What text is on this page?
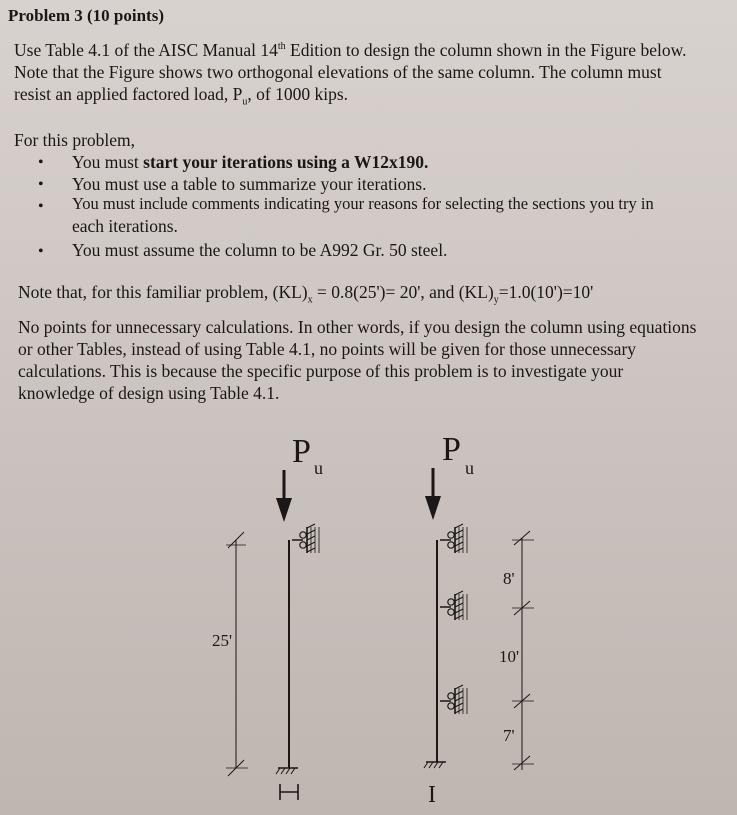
Problem 3 (10 points)
Use Table 4.1 of the AISC Manual 14th Edition to design the column shown in the Figure below.
Note that the Figure shows two orthogonal elevations of the same column. The column must
resist an applied factored load, $P_u$, of 1000 kips.
For this problem,
• You must start your iterations using a W12x190.
• You must use a table to summarize your iterations.
• You must include comments indicating your reasons for selecting the sections you try in
each iterations.
• You must assume the column to be A992 Gr. 50 steel.
Note that, for this familiar problem, $(KL)_x = 0.8(25')= 20'$, and $(KL)_y=1.0(10')=10'$
No points for unnecessary calculations. In other words, if you design the column using equations
or other Tables, instead of using Table 4.1, no points will be given for those unnecessary
calculations. This is because the specific purpose of this problem is to investigate your
knowledge of design using Table 4.1.
P u
25'
P u
8'
10'
7'
I
